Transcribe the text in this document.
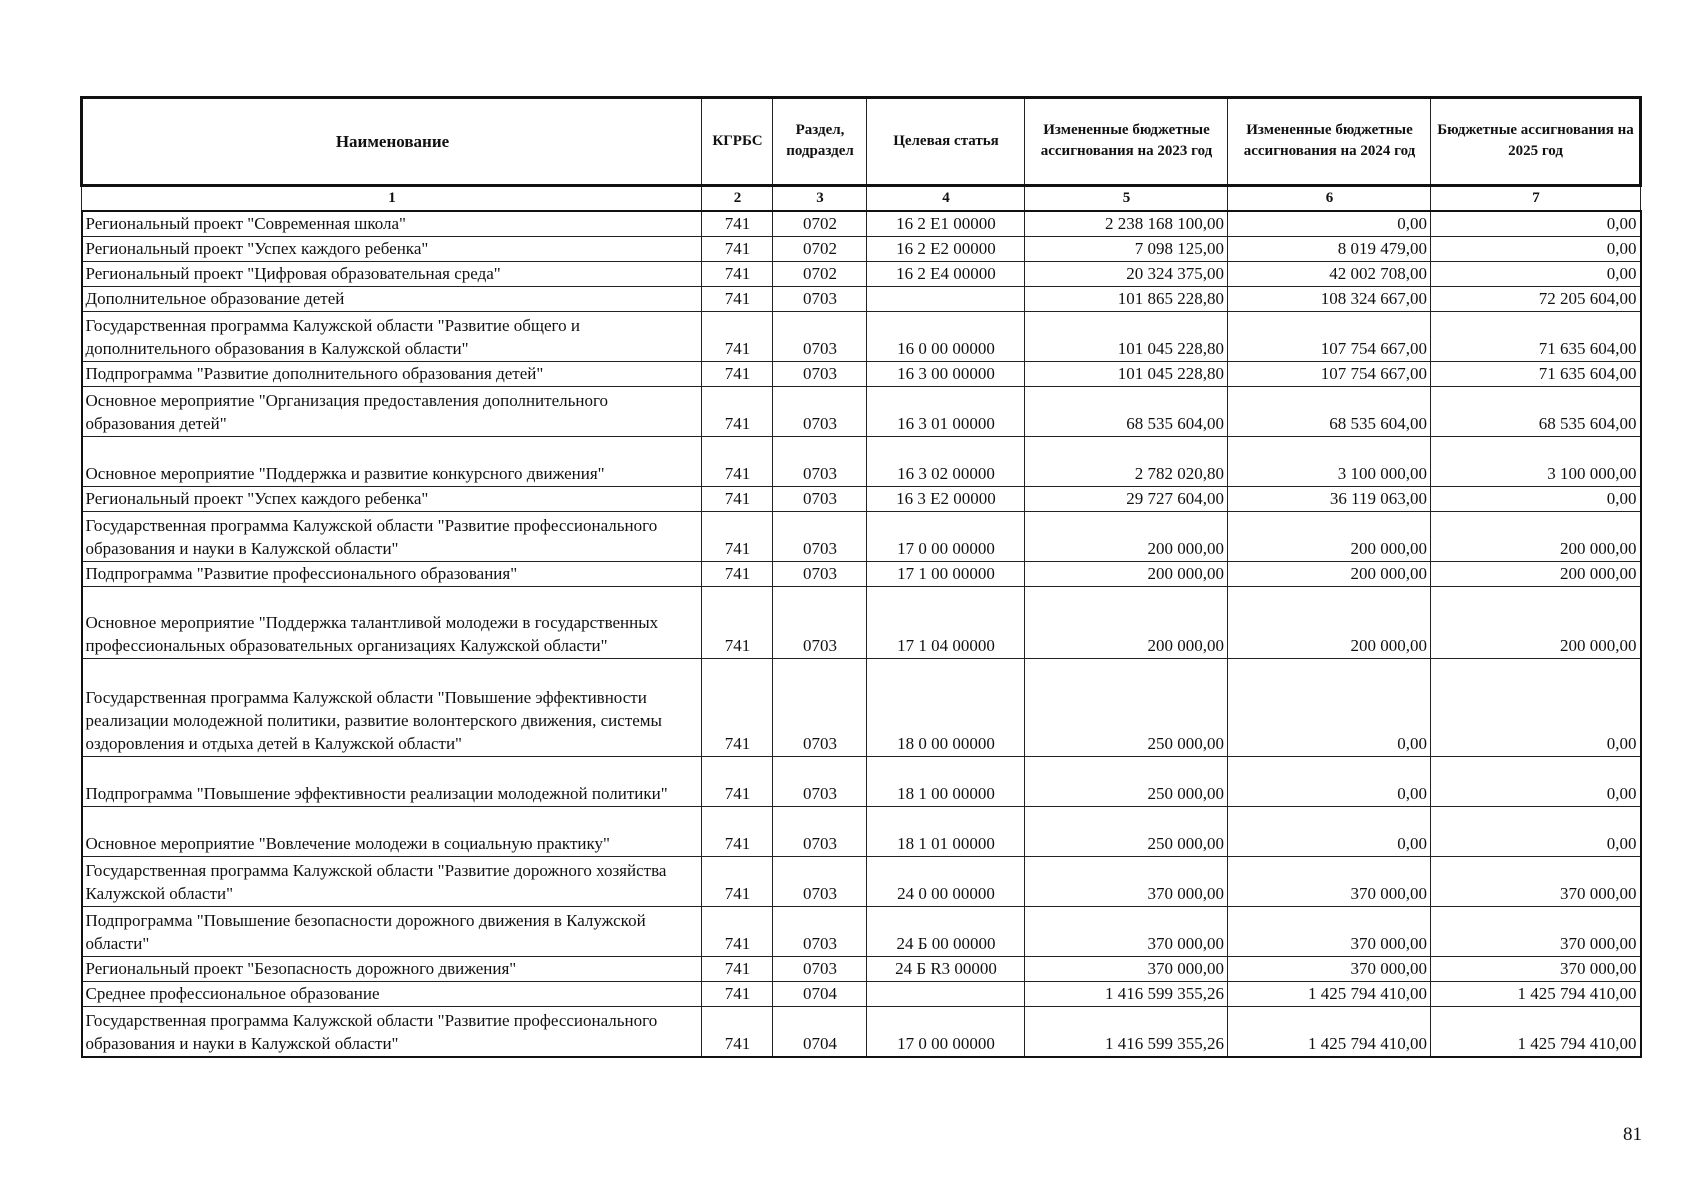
Наименование	КГРБС	Раздел, подраздел	Целевая статья	Измененные бюджетные ассигнования на 2023 год	Измененные бюджетные ассигнования на 2024 год	Бюджетные ассигнования на 2025 год
1	2	3	4	5	6	7
Региональный проект "Современная школа"	741	0702	16 2 Е1 00000	2 238 168 100,00	0,00	0,00
Региональный проект "Успех каждого ребенка"	741	0702	16 2 Е2 00000	7 098 125,00	8 019 479,00	0,00
Региональный проект "Цифровая образовательная среда"	741	0702	16 2 Е4 00000	20 324 375,00	42 002 708,00	0,00
Дополнительное образование детей	741	0703		101 865 228,80	108 324 667,00	72 205 604,00
Государственная программа Калужской области "Развитие общего и дополнительного образования в Калужской области"	741	0703	16 0 00 00000	101 045 228,80	107 754 667,00	71 635 604,00
Подпрограмма "Развитие дополнительного образования детей"	741	0703	16 3 00 00000	101 045 228,80	107 754 667,00	71 635 604,00
Основное мероприятие "Организация предоставления дополнительного образования детей"	741	0703	16 3 01 00000	68 535 604,00	68 535 604,00	68 535 604,00
Основное мероприятие "Поддержка и развитие конкурсного движения"	741	0703	16 3 02 00000	2 782 020,80	3 100 000,00	3 100 000,00
Региональный проект "Успех каждого ребенка"	741	0703	16 3 Е2 00000	29 727 604,00	36 119 063,00	0,00
Государственная программа Калужской области "Развитие профессионального образования и науки в Калужской области"	741	0703	17 0 00 00000	200 000,00	200 000,00	200 000,00
Подпрограмма "Развитие профессионального образования"	741	0703	17 1 00 00000	200 000,00	200 000,00	200 000,00
Основное мероприятие "Поддержка талантливой молодежи в государственных профессиональных образовательных организациях Калужской области"	741	0703	17 1 04 00000	200 000,00	200 000,00	200 000,00
Государственная программа Калужской области "Повышение эффективности реализации молодежной политики, развитие волонтерского движения, системы оздоровления и отдыха детей в Калужской области"	741	0703	18 0 00 00000	250 000,00	0,00	0,00
Подпрограмма "Повышение эффективности реализации молодежной политики"	741	0703	18 1 00 00000	250 000,00	0,00	0,00
Основное мероприятие "Вовлечение молодежи в социальную практику"	741	0703	18 1 01 00000	250 000,00	0,00	0,00
Государственная программа Калужской области "Развитие дорожного хозяйства Калужской области"	741	0703	24 0 00 00000	370 000,00	370 000,00	370 000,00
Подпрограмма "Повышение безопасности дорожного движения в Калужской области"	741	0703	24 Б 00 00000	370 000,00	370 000,00	370 000,00
Региональный проект "Безопасность дорожного движения"	741	0703	24 Б R3 00000	370 000,00	370 000,00	370 000,00
Среднее профессиональное образование	741	0704		1 416 599 355,26	1 425 794 410,00	1 425 794 410,00
Государственная программа Калужской области "Развитие профессионального образования и науки в Калужской области"	741	0704	17 0 00 00000	1 416 599 355,26	1 425 794 410,00	1 425 794 410,00
81
